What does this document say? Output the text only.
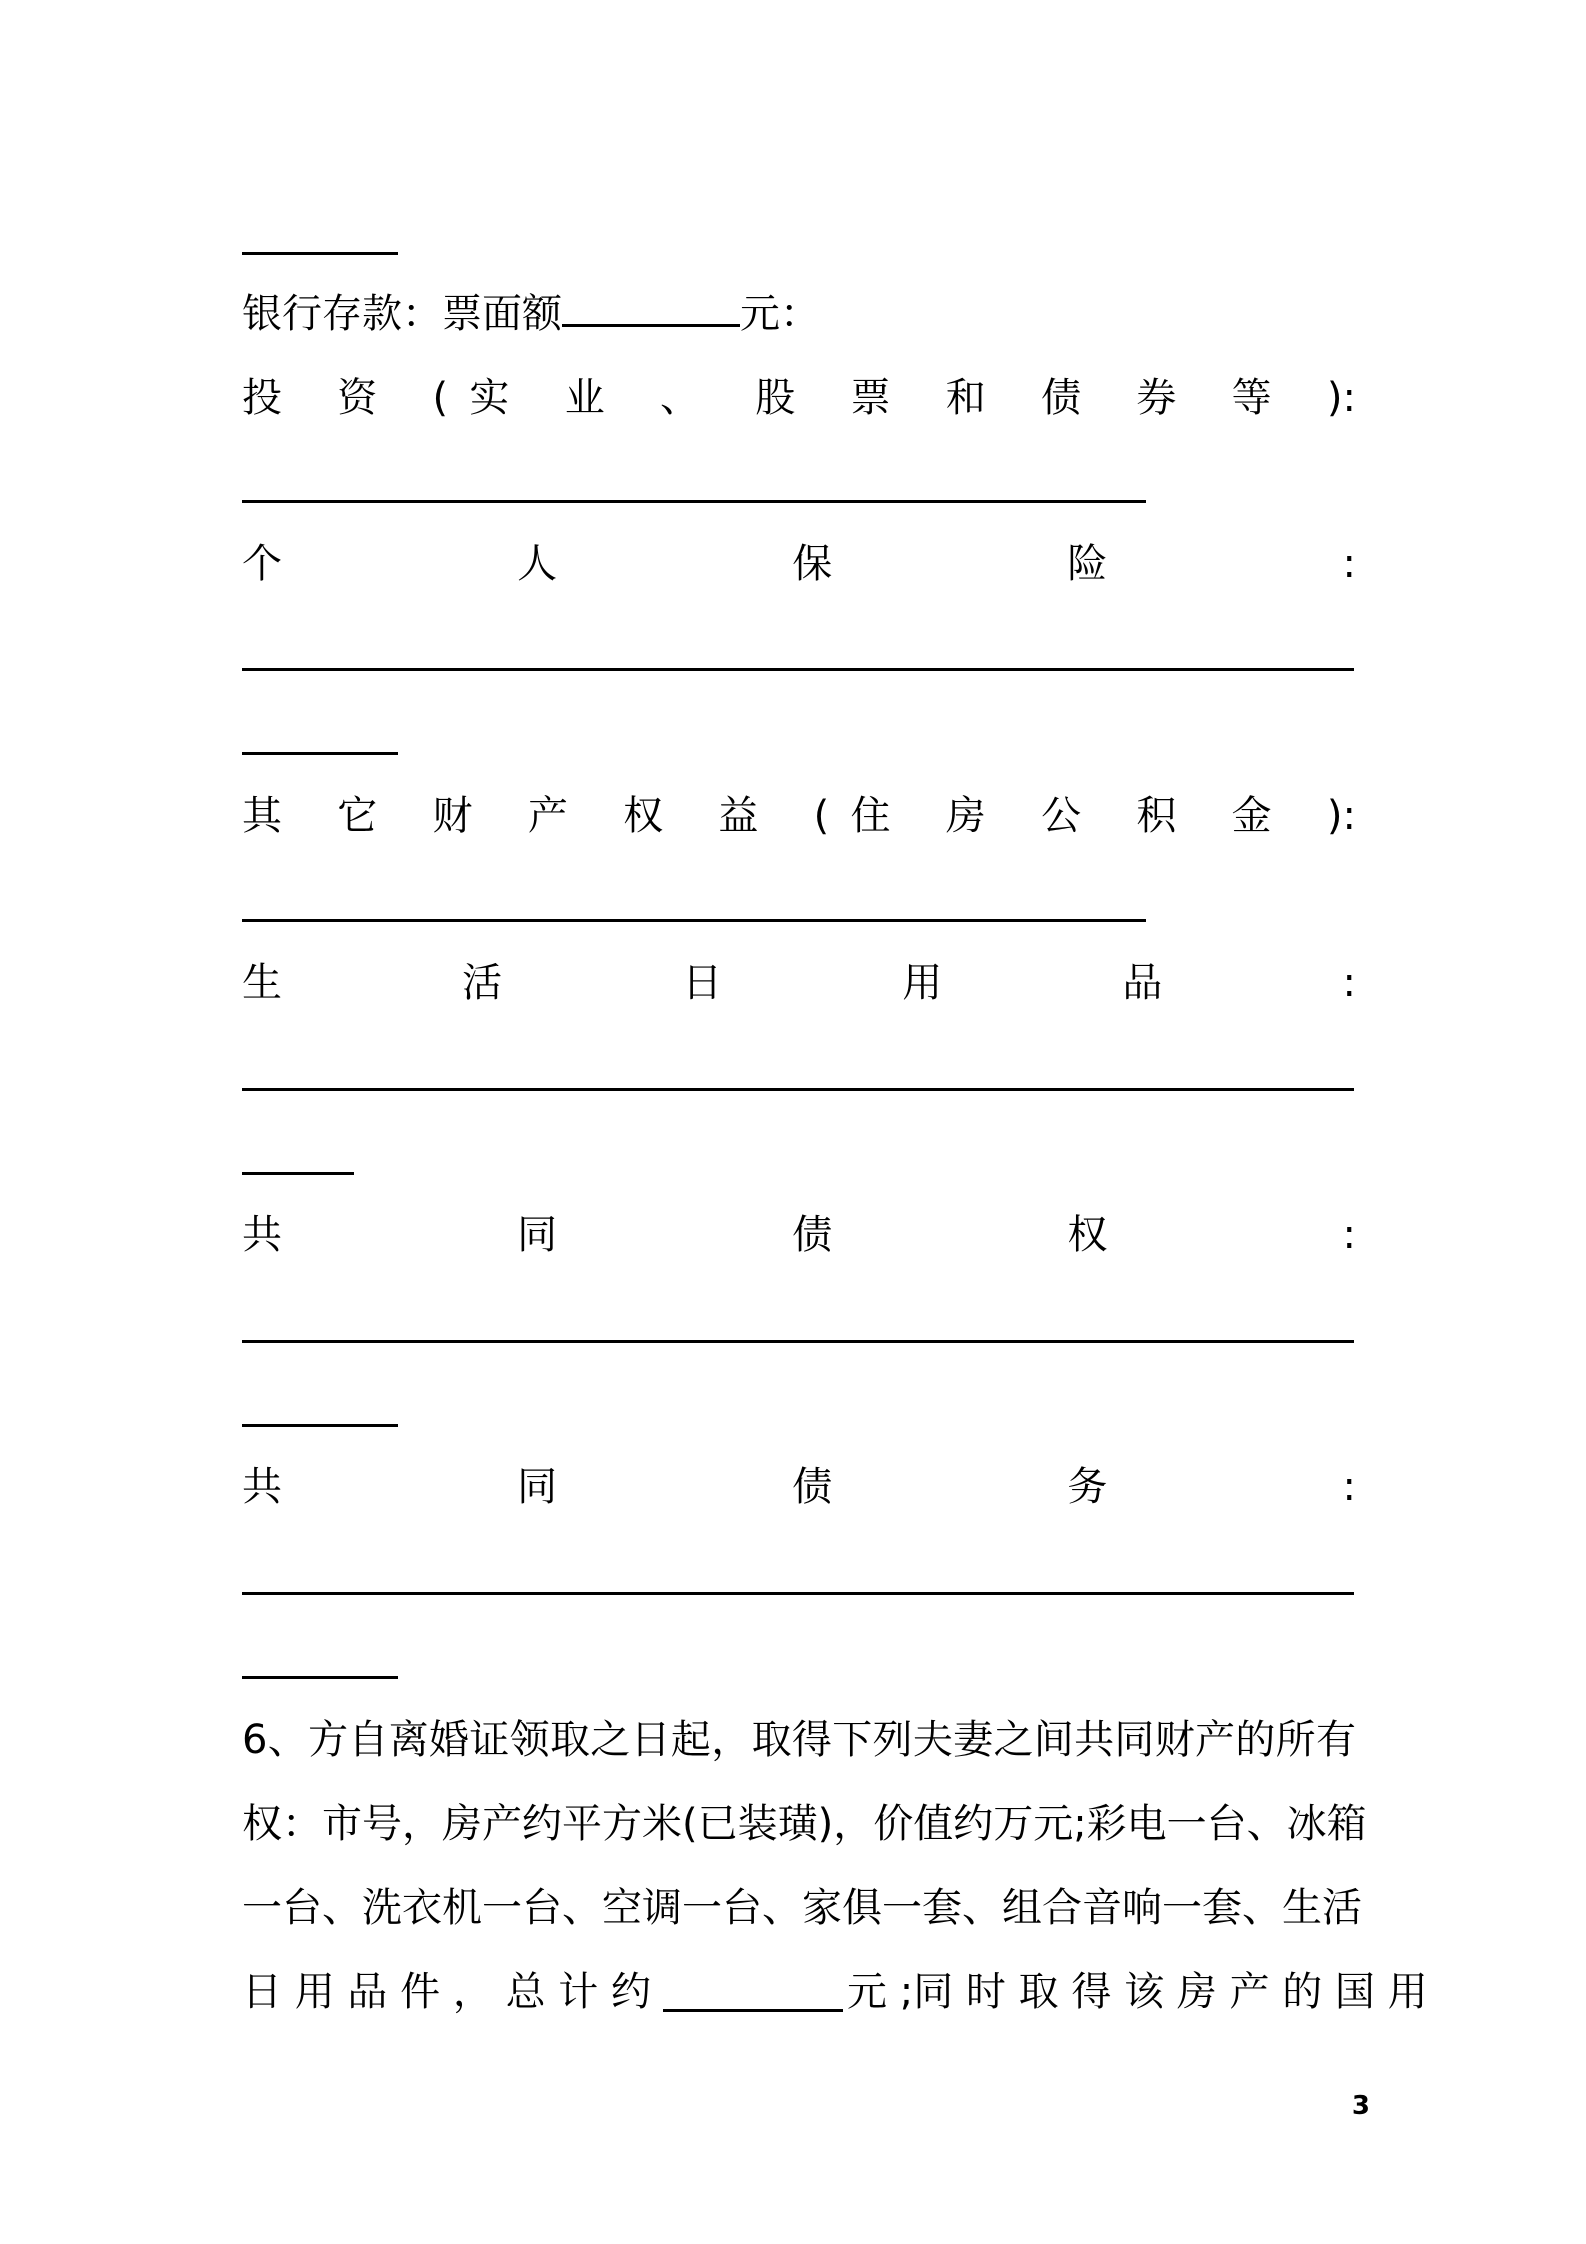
银行存款：票面额	元：
投 资 (实 业 、 股 票 和 债 券 等 ):
个 人 保 险 :
其 它 财 产 权 益 (住 房 公 积 金 ):
生 活 日 用 品 :
共 同 债 权 :
共 同 债 务 :
6、方自离婚证领取之日起，取得下列夫妻之间共同财产的所有
权：市号，房产约平方米(已装璜)，价值约万元;彩电一台、冰箱
一台、洗衣机一台、空调一台、家俱一套、组合音响一套、生活
日 用 品 件 ， 总 计 约	元 ;同 时 取 得 该 房 产 的 国 用
3
